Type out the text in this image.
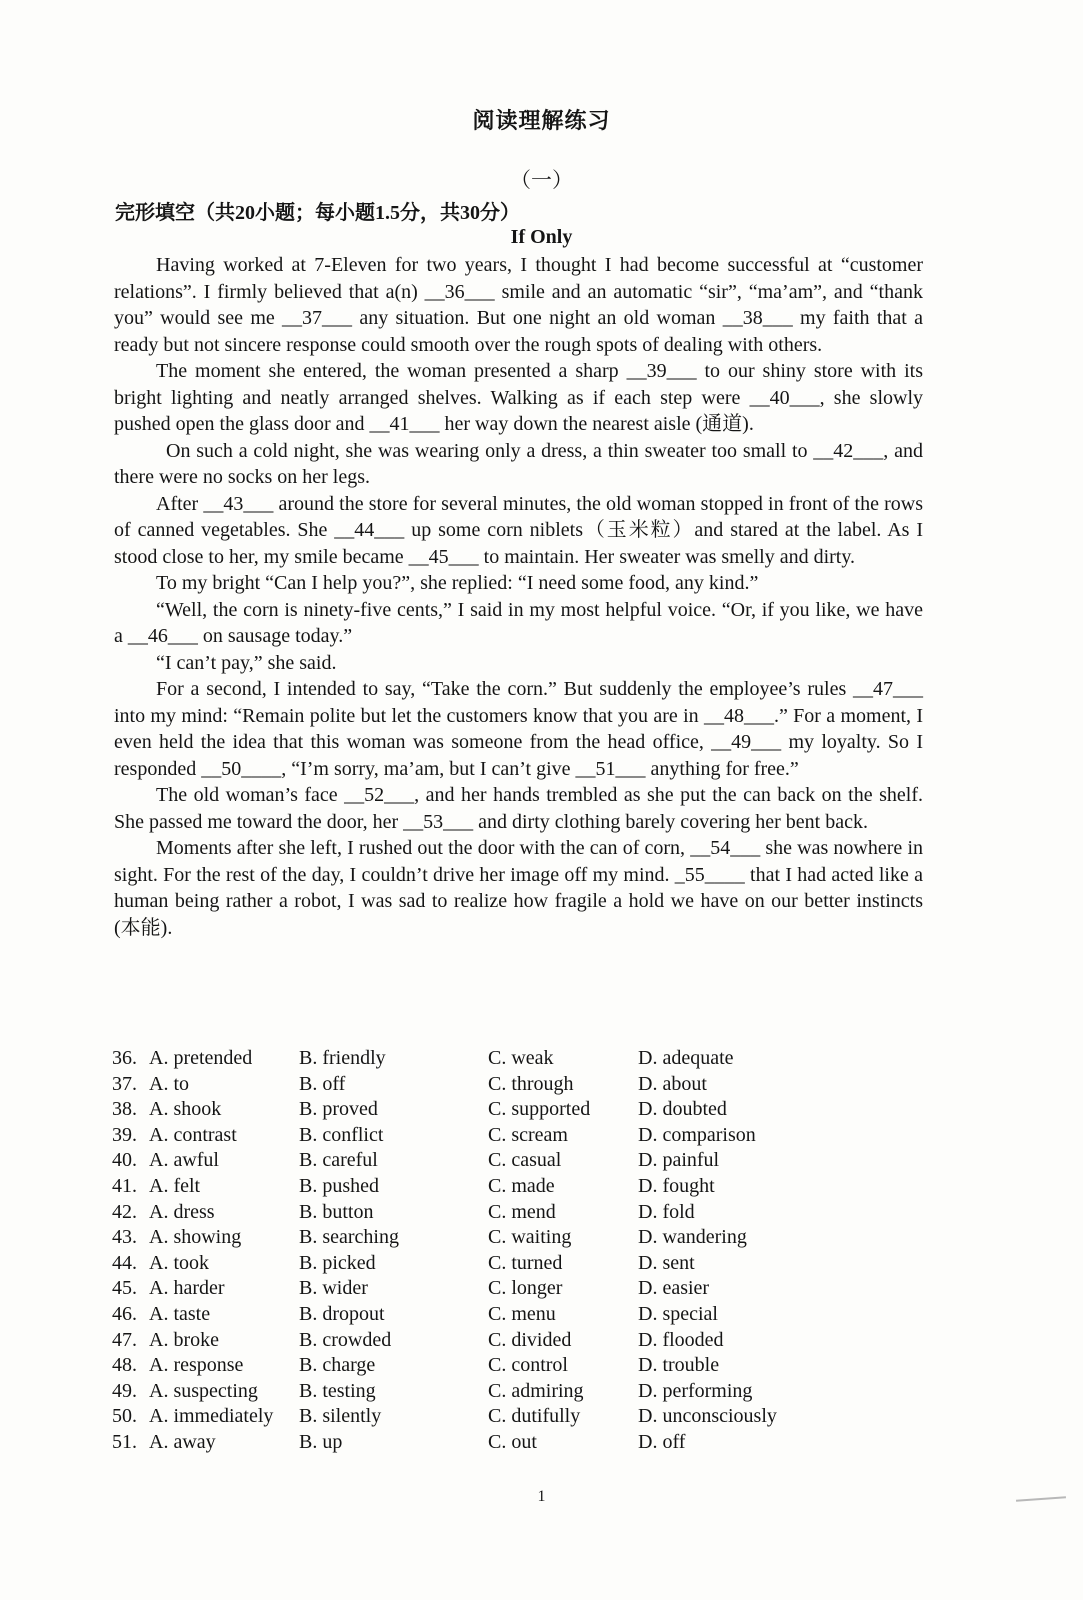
阅读理解练习
（一）
完形填空（共20小题；每小题1.5分，共30分）
If Only

Having worked at 7-Eleven for two years, I thought I had become successful at “customer relations”. I firmly believed that a(n) __36___ smile and an automatic “sir”, “ma’am”, and “thank you” would see me __37___ any situation. But one night an old woman __38___ my faith that a ready but not sincere response could smooth over the rough spots of dealing with others.

The moment she entered, the woman presented a sharp __39___ to our shiny store with its bright lighting and neatly arranged shelves. Walking as if each step were __40___, she slowly pushed open the glass door and __41___ her way down the nearest aisle (通道).

On such a cold night, she was wearing only a dress, a thin sweater too small to __42___, and there were no socks on her legs.

After __43___ around the store for several minutes, the old woman stopped in front of the rows of canned vegetables. She __44___ up some corn niblets（玉米粒）and stared at the label. As I stood close to her, my smile became __45___ to maintain. Her sweater was smelly and dirty.

To my bright “Can I help you?”, she replied: “I need some food, any kind.”

“Well, the corn is ninety-five cents,” I said in my most helpful voice. “Or, if you like, we have a __46___ on sausage today.”

“I can’t pay,” she said.

For a second, I intended to say, “Take the corn.” But suddenly the employee’s rules __47___ into my mind: “Remain polite but let the customers know that you are in __48___.” For a moment, I even held the idea that this woman was someone from the head office, __49___ my loyalty. So I responded __50____, “I’m sorry, ma’am, but I can’t give __51___ anything for free.”

The old woman’s face __52___, and her hands trembled as she put the can back on the shelf. She passed me toward the door, her __53___ and dirty clothing barely covering her bent back.

Moments after she left, I rushed out the door with the can of corn, __54___ she was nowhere in sight. For the rest of the day, I couldn’t drive her image off my mind. _55____ that I had acted like a human being rather a robot, I was sad to realize how fragile a hold we have on our better instincts (本能).

36. A. pretended B. friendly	C. weak	D. adequate
37. A. to	B. off	C. through	D. about
38. A. shook	B. proved	C. supported D. doubted
39. A. contrast	B. conflict	C. scream	D. comparison
40. A. awful	B. careful	C. casual	D. painful
41. A. felt	B. pushed	C. made	D. fought
42. A. dress	B. button	C. mend	D. fold
43. A. showing	B. searching	C. waiting	D. wandering
44. A. took	B. picked	C. turned	D. sent
45. A. harder	B. wider	C. longer	D. easier
46. A. taste	B. dropout	C. menu	D. special
47. A. broke	B. crowded	C. divided	D. flooded
48. A. response	B. charge	C. control	D. trouble
49. A. suspecting B. testing	C. admiring	D. performing
50. A. immediately B. silently	C. dutifully	D. unconsciously
51. A. away	B. up	C. out	D. off
1
